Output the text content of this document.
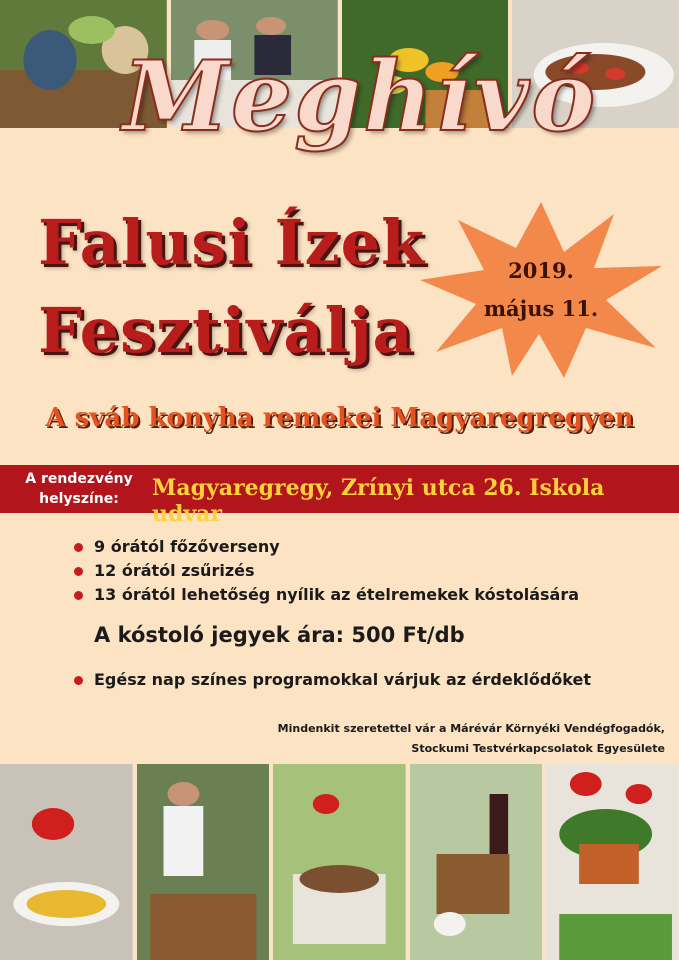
Meghívó
Falusi Ízek
Fesztiválja
2019.
május 11.
A sváb konyha remekei Magyaregregyen
A rendezvény
helyszíne:	Magyaregregy, Zrínyi utca 26. Iskola udvar
9 órától főzőverseny
12 órától zsűrizés
13 órától lehetőség nyílik az ételremekek kóstolására
A kóstoló jegyek ára: 500 Ft/db
Egész nap színes programokkal várjuk az érdeklődőket
Mindenkit szeretettel vár a Márévár Környéki Vendégfogadók,
Stockumi Testvérkapcsolatok Egyesülete
